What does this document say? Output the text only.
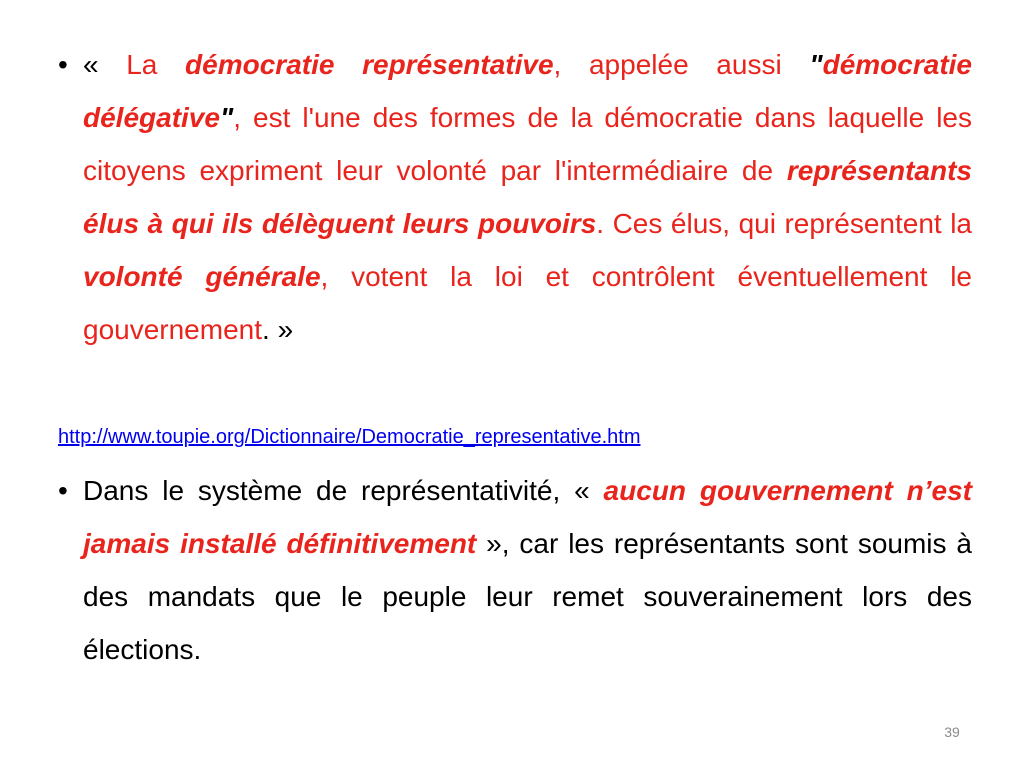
• « La démocratie représentative, appelée aussi "démocratie délégative", est l'une des formes de la démocratie dans laquelle les citoyens expriment leur volonté par l'intermédiaire de représentants élus à qui ils délèguent leurs pouvoirs. Ces élus, qui représentent la volonté générale, votent la loi et contrôlent éventuellement le gouvernement. »

http://www.toupie.org/Dictionnaire/Democratie_representative.htm
• Dans le système de représentativité, « aucun gouvernement n’est jamais installé définitivement », car les représentants sont soumis à des mandats que le peuple leur remet souverainement lors des élections.

39
